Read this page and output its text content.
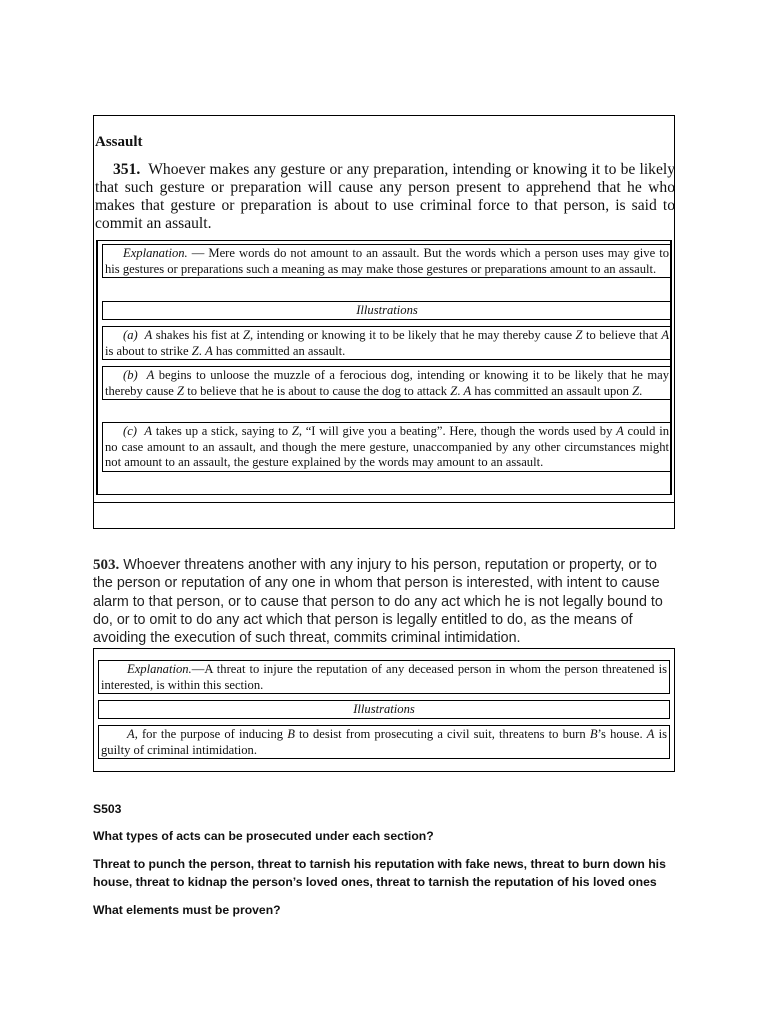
Assault
351. Whoever makes any gesture or any preparation, intending or knowing it to be likely that such gesture or preparation will cause any person present to apprehend that he who makes that gesture or preparation is about to use criminal force to that person, is said to commit an assault.
Explanation. — Mere words do not amount to an assault. But the words which a person uses may give to his gestures or preparations such a meaning as may make those gestures or preparations amount to an assault.
Illustrations
(a) A shakes his fist at Z, intending or knowing it to be likely that he may thereby cause Z to believe that A is about to strike Z. A has committed an assault.
(b) A begins to unloose the muzzle of a ferocious dog, intending or knowing it to be likely that he may thereby cause Z to believe that he is about to cause the dog to attack Z. A has committed an assault upon Z.
(c) A takes up a stick, saying to Z, “I will give you a beating”. Here, though the words used by A could in no case amount to an assault, and though the mere gesture, unaccompanied by any other circumstances might not amount to an assault, the gesture explained by the words may amount to an assault.
503. Whoever threatens another with any injury to his person, reputation or property, or to the person or reputation of any one in whom that person is interested, with intent to cause alarm to that person, or to cause that person to do any act which he is not legally bound to do, or to omit to do any act which that person is legally entitled to do, as the means of avoiding the execution of such threat, commits criminal intimidation.
Explanation.—A threat to injure the reputation of any deceased person in whom the person threatened is interested, is within this section.
Illustrations
A, for the purpose of inducing B to desist from prosecuting a civil suit, threatens to burn B’s house. A is guilty of criminal intimidation.
S503
What types of acts can be prosecuted under each section?
Threat to punch the person, threat to tarnish his reputation with fake news, threat to burn down his house, threat to kidnap the person’s loved ones, threat to tarnish the reputation of his loved ones
What elements must be proven?
